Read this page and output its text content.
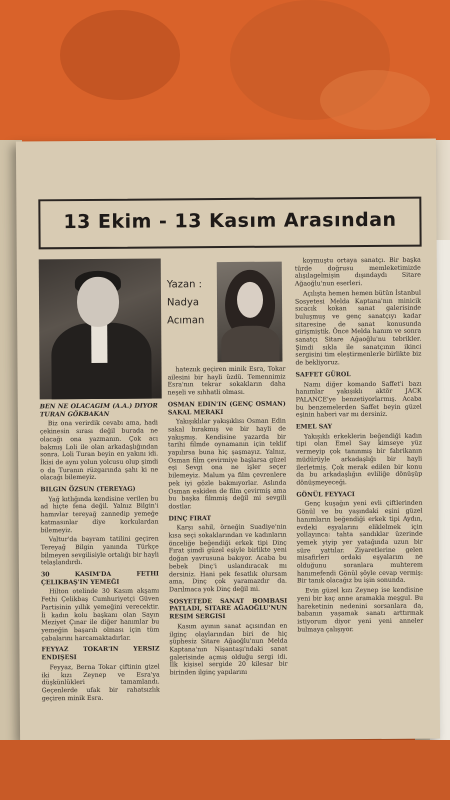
13 Ekim - 13 Kasım Arasından
Yazan :
Nadya
Acıman

BEN NE OLACAGIM (A.A.) DIYOR TURAN GÖKBAKAN

Biz ona verirdik cevabı ama, hadi çekinesin sırası değil burada ne olacağı ona yazmanın. Çok acı bakmış Loli ile olan arkadaşlığından sonra. Loli Turan beyin en yakını idi. İkisi de aynı yolun yolcusu olup şimdi o da Turanın rüzgarında şahı ki ne olacağı bilemeyiz.

BILGIN ÖZSUN (TEREYAG)

Yağ kıtlığında kendisine verilen bu ad hiçte fena değil. Yalnız Bilgin'i hamıvlar tereyağ zannedip yemeğe katmasınlar diye korkulardan bilemeyiz.

Valtur'da bayram tatilini geçiren Tereyağ Bilgin yanında Türkçe bilmeyen sevgilisiyle ortalığı bir hayli telaşlandırdı.

30 KASIM'DA FETHI ÇELIKBAŞ'IN YEMEĞI

Hilton otelinde 30 Kasım akşamı Fethi Çelikbaş Cumhuriyetçi Güven Partisinin yıllık yemeğini verecektir. İi kadın kolu başkanı olan Sayın Meziyet Çınar ile diğer hanımlar bu yemeğin başarılı olması için tüm çabalarını harcamaktadırlar.

FEYYAZ TOKAR'IN YERSIZ ENDIŞESI

Feyyaz, Berna Tokar çiftinin gizel iki kızı Zeynep ve Esra'ya düşkünlükleri tamamlandı. Geçenlerde ufak bir rahatsızlık geçiren minik Esra.

hatezıık geçiren minik Esra, Tokar ailesini bir hayli üzdü. Temennimiz Esra'nın tekrar sokakların daha neşeli ve sıhhatli olması.

OSMAN EDIN'IN (GENÇ OSMAN) SAKAL MERAKI

Yakışıklılar yakışıklısı Osman Edin sakal bırakmış ve bir hayli de yakışmış. Kendisine yazarda bir tarihi filmde oynamanın için teklif yapılırsa buna hiç şaşmayız. Yalnız, Osman film çevirmiye başlarsa güzel eşi Sevgi ona ne işler seçer bilemeyiz. Malum ya film çevrenlere pek iyi gözle bakmıyorlar. Aslında Osman eskiden de film çevirmiş ama bu başka filmmiş değil mi sevgili dostlar.

DINÇ FIRAT

Karşı sahil, örneğin Suadiye'nin kısa seçi sokaklarından ve kadınların önceliğe beğendiği erkek tipi Dinç Fırat şimdi güzel eşiyle birlikte yeni doğan yavrusuna bakıyor. Acaba bu bebek Dinç'i uslandıracak mı dersiniz. Hani pek fesatlık olursam ama, Dinç çok yaramazdır da. Darılmaca yok Dinç değil mi.

SOSYETEDE SANAT BOMBASI PATLADI, SITARE AĞAOĞLU'NUN RESIM SERGISI

Kasım ayının sanat açısından en ilginç olaylarından biri de hiç şüphesiz Sitare Ağaoğlu'nun Melda Kaptana'nın Nişantaşı'ndaki sanat galerisinde açmış olduğu sergi idi. İlk kişisel sergide 20 kilesar bir birinden ilginç yapılarını

koymuştu ortaya sanatçı. Bir başka türde doğrusu memleketimizde alışılagelmişin dışındaydı Sitare Ağaoğlu'nun eserleri.

Açılışta hemen hemen bütün İstanbul Sosyetesi Melda Kaptana'nın minicik sıcacık kokan sanat galerisinde buluşmuş ve genç sanatçıyı kadar sitaresine de sanat konusunda girişmiştik. Önce Melda hanım ve sonra sanatçı Sitare Ağaoğlu'nu tebrikler. Şimdi sıkla ile sanatçının ikinci sergisini tim eleştirmenlerle birlikte biz de bekliyoruz.

SAFFET GÜROL

Namı diğer komando Saffet'i bazı hanımlar yakışıklı aktör JACK PALANCE'ye benzetiyorlarmış. Acaba bu benzemelerden Saffet beyin güzel eşinin haberi var mı dersiniz.

EMEL SAY

Yakışıklı erkeklerin beğendiği kadın tipi olan Emel Say kimseye yüz vermeyip çok tanınmış bir fabrikanın müdürüyle arkadaşlığı bir hayli ilerletmiş. Çok merak edilen bir konu da bu arkadaşlığın evliliğe dönüşüp dönüşmeyeceği.

GÖNÜL FEYYACI

Genç kuşağın yeni evli çiftlerinden Gönül ve bu yaşındaki eşini güzel hanımların beğendiği erkek tipi Aydın, evdeki eşyalarını eliklelmek için yollayınca: tahta sandıklar üzerinde yemek yiyip yer yatağında uzun bir süre yattılar. Ziyaretlerine gelen misafirleri ordaki eşyalarım ne olduğunu soranlara muhterem hanımefendi Gönül şöyle cevap vermiş: Bir tanık olacağız bu işin sonunda.

Evin güzel kızı Zeynep ise kendisine yeni bir kaç anne aramakla meşgul. Bu hareketinin nedenini sorsanlara da, babanın yaşamak sanatı arttırmak istiyorum diyor yeni yeni anneler bulmaya çalışıyor.
